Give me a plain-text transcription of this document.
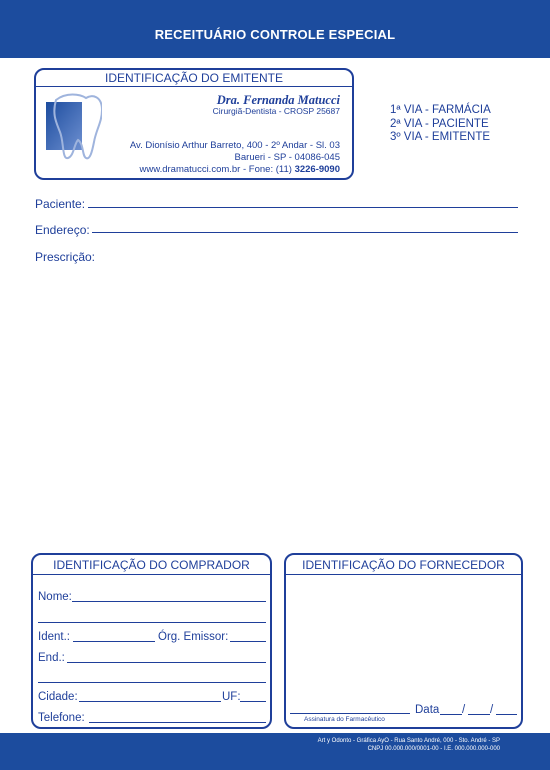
RECEITUÁRIO CONTROLE ESPECIAL
IDENTIFICAÇÃO DO EMITENTE
Dra. Fernanda Matucci
Cirurgiã-Dentista - CROSP 25687
Av. Dionísio Arthur Barreto, 400 - 2º Andar - Sl. 03
Barueri - SP - 04086-045
www.dramatucci.com.br - Fone: (11) 3226-9090
1ª VIA - FARMÁCIA
2ª VIA - PACIENTE
3º VIA - EMITENTE
Paciente:
Endereço:
Prescrição:
IDENTIFICAÇÃO DO COMPRADOR
Nome:
Ident.:	Órg. Emissor:
End.:
Cidade:	UF:
Telefone:
IDENTIFICAÇÃO DO FORNECEDOR
Assinatura do Farmacêutico
Data / /
Art y Odonto - Gráfica AyO - Rua Santo André, 000 - Sto. André - SP
CNPJ 00.000.000/0001-00 - I.E. 000.000.000-000
